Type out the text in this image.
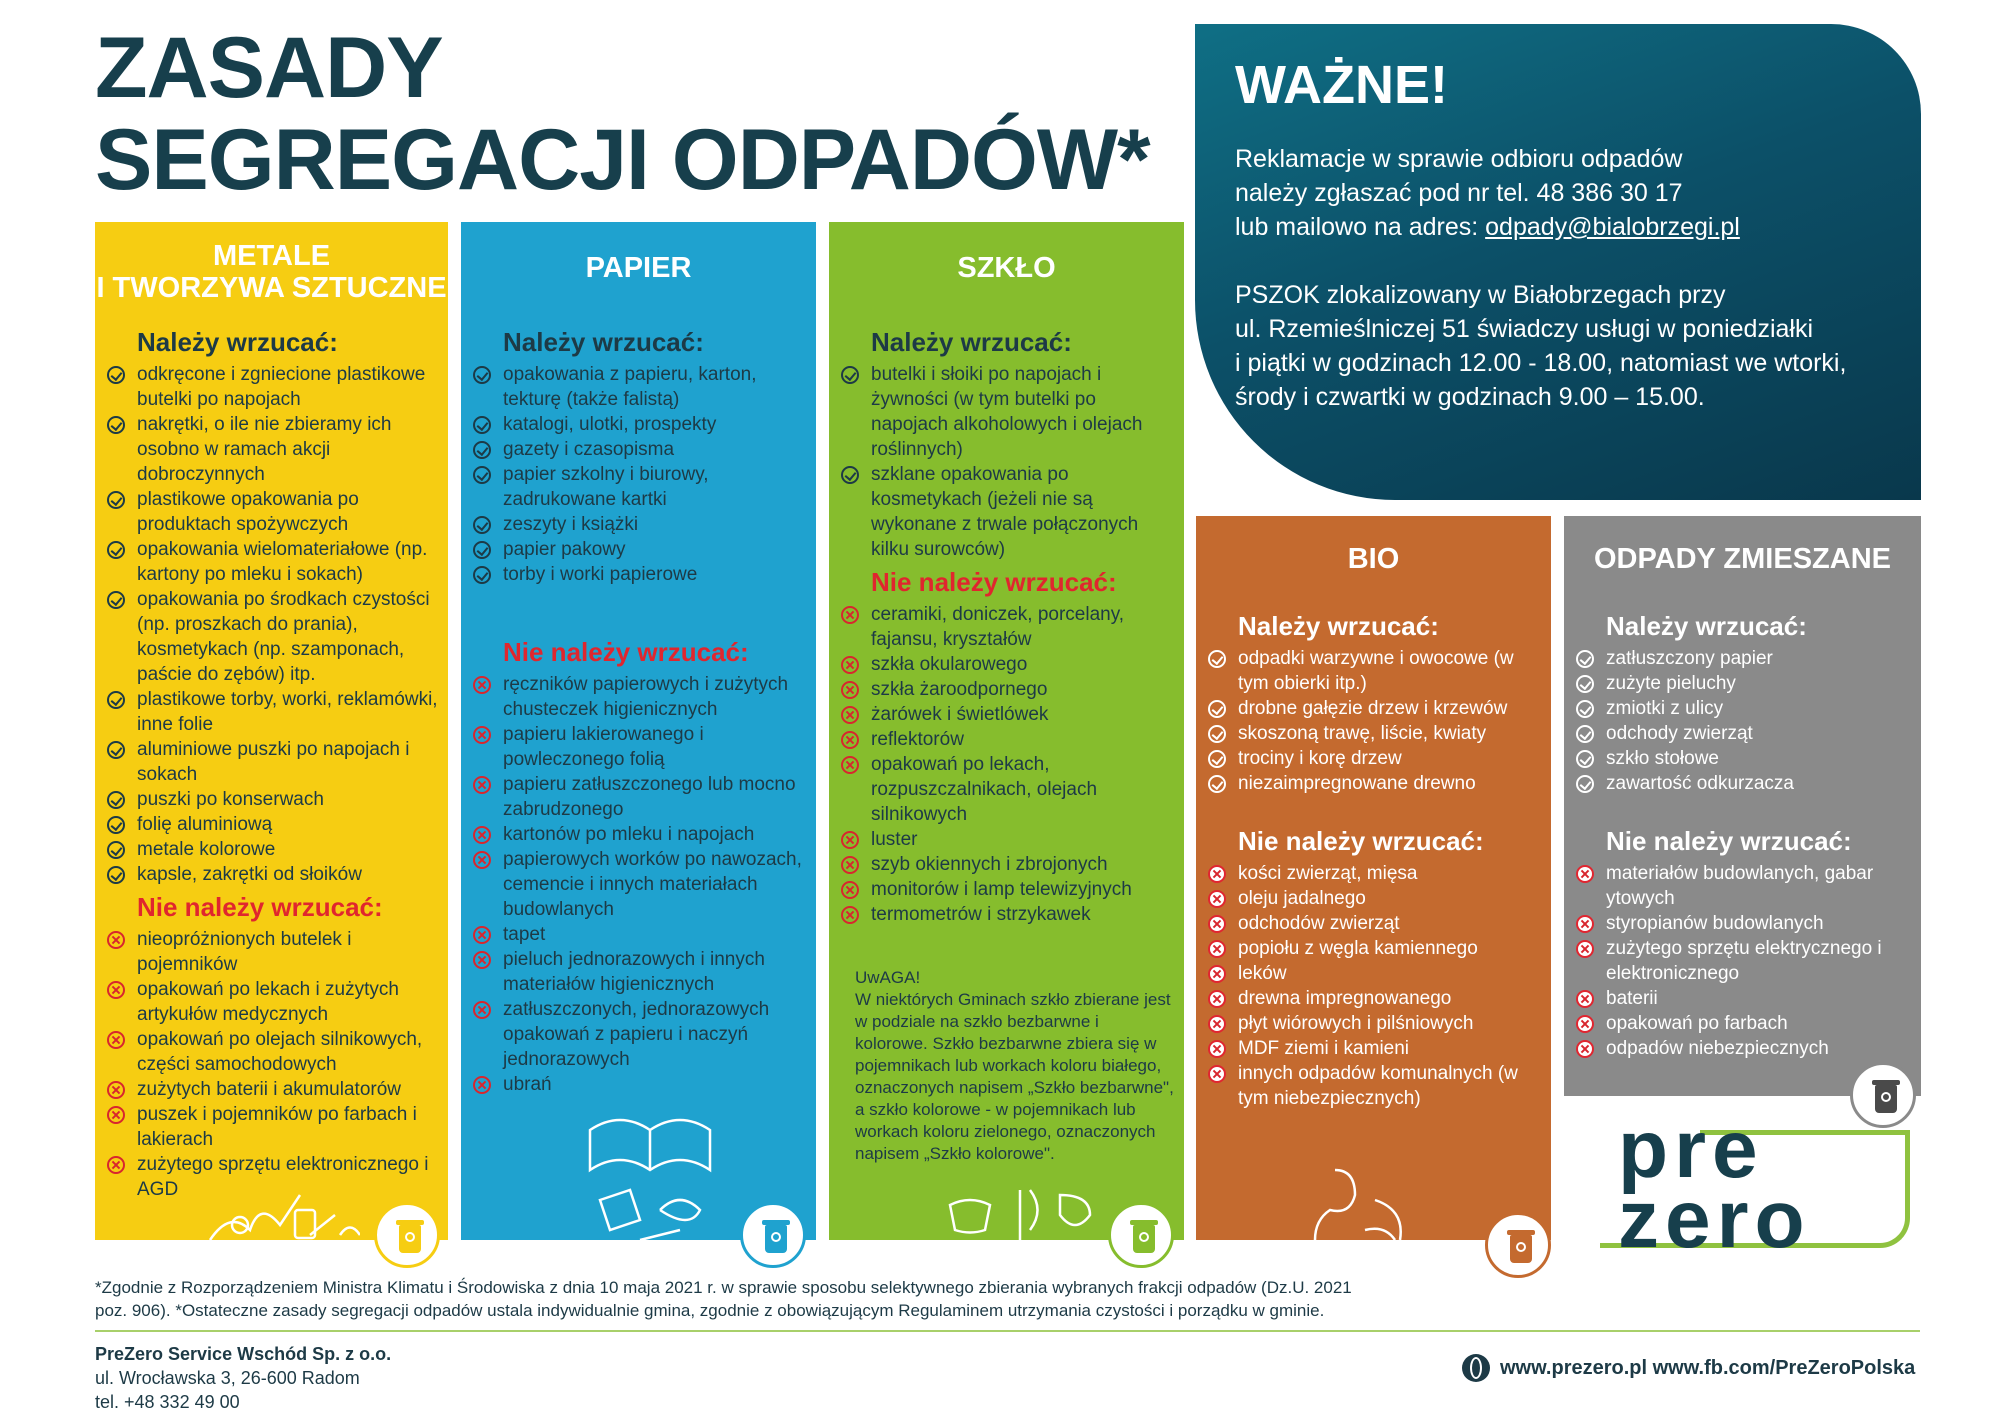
ZASADY
SEGREGACJI ODPADÓW*
WAŻNE!
Reklamacje w sprawie odbioru odpadów
należy zgłaszać pod nr tel. 48 386 30 17
lub mailowo na adres: odpady@bialobrzegi.pl
PSZOK zlokalizowany w Białobrzegach przy
ul. Rzemieślniczej 51 świadczy usługi w poniedziałki
i piątki w godzinach 12.00 - 18.00, natomiast we wtorki,
środy i czwartki w godzinach 9.00 – 15.00.
METALE
I TWORZYWA SZTUCZNE
Należy wrzucać:
odkręcone i zgniecione plastikowe butelki po napojach
nakrętki, o ile nie zbieramy ich osobno w ramach akcji dobroczynnych
plastikowe opakowania po produktach spożywczych
opakowania wielomateriałowe (np. kartony po mleku i sokach)
opakowania po środkach czystości (np. proszkach do prania), kosmetykach (np. szamponach, paście do zębów) itp.
plastikowe torby, worki, reklamówki, inne folie
aluminiowe puszki po napojach i sokach
puszki po konserwach
folię aluminiową
metale kolorowe
kapsle, zakrętki od słoików
Nie należy wrzucać:
nieopróżnionych butelek i pojemników
opakowań po lekach i zużytych artykułów medycznych
opakowań po olejach silnikowych, części samochodowych
zużytych baterii i akumulatorów
puszek i pojemników po farbach i lakierach
zużytego sprzętu elektronicznego i AGD
PAPIER
Należy wrzucać:
opakowania z papieru, karton, tekturę (także falistą)
katalogi, ulotki, prospekty
gazety i czasopisma
papier szkolny i biurowy, zadrukowane kartki
zeszyty i książki
papier pakowy
torby i worki papierowe
Nie należy wrzucać:
ręczników papierowych i zużytych chusteczek higienicznych
papieru lakierowanego i powleczonego folią
papieru zatłuszczonego lub mocno zabrudzonego
kartonów po mleku i napojach
papierowych worków po nawozach, cemencie i innych materiałach budowlanych
tapet
pieluch jednorazowych i innych materiałów higienicznych
zatłuszczonych, jednorazowych opakowań z papieru i naczyń jednorazowych
ubrań
SZKŁO
Należy wrzucać:
butelki i słoiki po napojach i żywności (w tym butelki po napojach alkoholowych i olejach roślinnych)
szklane opakowania po kosmetykach (jeżeli nie są wykonane z trwale połączonych kilku surowców)
Nie należy wrzucać:
ceramiki, doniczek, porcelany, fajansu, kryształów
szkła okularowego
szkła żaroodpornego
żarówek i świetlówek
reflektorów
opakowań po lekach, rozpuszczalnikach, olejach silnikowych
luster
szyb okiennych i zbrojonych
monitorów i lamp telewizyjnych
termometrów i strzykawek
BIO
Należy wrzucać:
odpadki warzywne i owocowe (w tym obierki itp.)
drobne gałęzie drzew i krzewów
skoszoną trawę, liście, kwiaty
trociny i korę drzew
niezaimpregnowane drewno
Nie należy wrzucać:
kości zwierząt, mięsa
oleju jadalnego
odchodów zwierząt
popiołu z węgla kamiennego
leków
drewna impregnowanego
płyt wiórowych i pilśniowych
MDF ziemi i kamieni
innych odpadów komunalnych (w tym niebezpiecznych)
ODPADY ZMIESZANE
Należy wrzucać:
zatłuszczony papier
zużyte pieluchy
zmiotki z ulicy
odchody zwierząt
szkło stołowe
zawartość odkurzacza
Nie należy wrzucać:
materiałów budowlanych, gabar ytowych
styropianów budowlanych
zużytego sprzętu elektrycznego i elektronicznego
baterii
opakowań po farbach
odpadów niebezpiecznych
UwAGA!
W niektórych Gminach szkło zbierane jest w podziale na szkło bezbarwne i kolorowe. Szkło bezbarwne zbiera się w pojemnikach lub workach koloru białego, oznaczonych napisem „Szkło bezbarwne", a szkło kolorowe - w pojemnikach lub workach koloru zielonego, oznaczonych napisem „Szkło kolorowe".	pre
zero
*Zgodnie z Rozporządzeniem Ministra Klimatu i Środowiska z dnia 10 maja 2021 r. w sprawie sposobu selektywnego zbierania wybranych frakcji odpadów (Dz.U. 2021 poz. 906). *Ostateczne zasady segregacji odpadów ustala indywidualnie gmina, zgodnie z obowiązującym Regulaminem utrzymania czystości i porządku w gminie.
PreZero Service Wschód Sp. z o.o.
ul. Wrocławska 3, 26-600 Radom
tel. +48 332 49 00
www.prezero.pl www.fb.com/PreZeroPolska
